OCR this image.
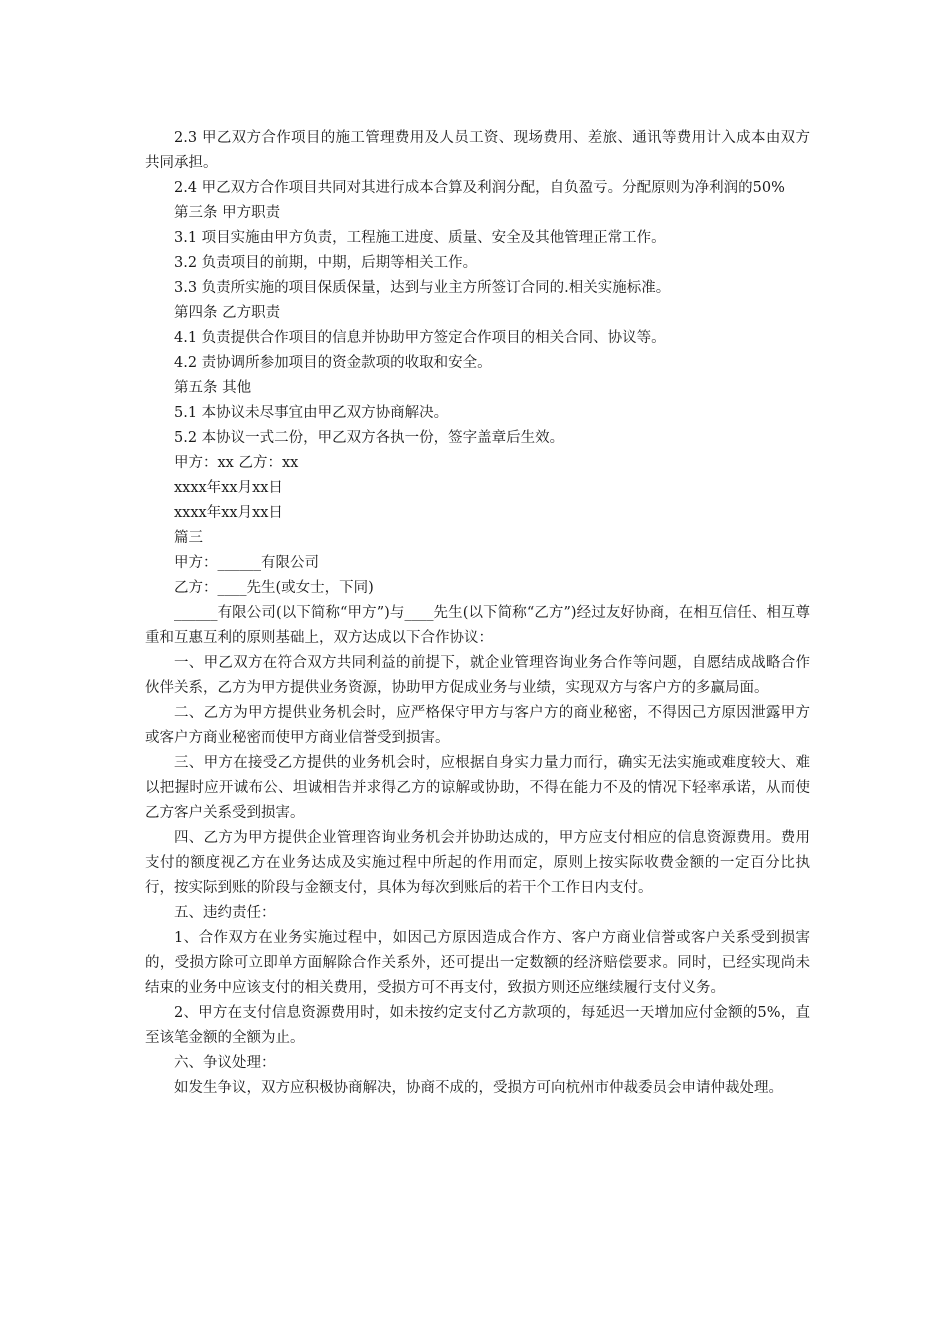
2.3 甲乙双方合作项目的施工管理费用及人员工资、现场费用、差旅、通讯等费用计入成本由双方共同承担。

2.4 甲乙双方合作项目共同对其进行成本合算及利润分配，自负盈亏。分配原则为净利润的50%

第三条 甲方职责

3.1 项目实施由甲方负责，工程施工进度、质量、安全及其他管理正常工作。

3.2 负责项目的前期，中期，后期等相关工作。

3.3 负责所实施的项目保质保量，达到与业主方所签订合同的.相关实施标准。

第四条 乙方职责

4.1 负责提供合作项目的信息并协助甲方签定合作项目的相关合同、协议等。

4.2 责协调所参加项目的资金款项的收取和安全。

第五条 其他

5.1 本协议未尽事宜由甲乙双方协商解决。

5.2 本协议一式二份，甲乙双方各执一份，签字盖章后生效。

甲方：xx 乙方：xx

xxxx年xx月xx日

xxxx年xx月xx日

篇三

甲方：______有限公司

乙方：____先生(或女士，下同)

______有限公司(以下简称“甲方”)与____先生(以下简称“乙方”)经过友好协商，在相互信任、相互尊重和互惠互利的原则基础上，双方达成以下合作协议：

一、甲乙双方在符合双方共同利益的前提下，就企业管理咨询业务合作等问题，自愿结成战略合作伙伴关系，乙方为甲方提供业务资源，协助甲方促成业务与业绩，实现双方与客户方的多赢局面。

二、乙方为甲方提供业务机会时，应严格保守甲方与客户方的商业秘密，不得因己方原因泄露甲方或客户方商业秘密而使甲方商业信誉受到损害。

三、甲方在接受乙方提供的业务机会时，应根据自身实力量力而行，确实无法实施或难度较大、难以把握时应开诚布公、坦诚相告并求得乙方的谅解或协助，不得在能力不及的情况下轻率承诺，从而使乙方客户关系受到损害。

四、乙方为甲方提供企业管理咨询业务机会并协助达成的，甲方应支付相应的信息资源费用。费用支付的额度视乙方在业务达成及实施过程中所起的作用而定，原则上按实际收费金额的一定百分比执行，按实际到账的阶段与金额支付，具体为每次到账后的若干个工作日内支付。

五、违约责任：

1、合作双方在业务实施过程中，如因己方原因造成合作方、客户方商业信誉或客户关系受到损害的，受损方除可立即单方面解除合作关系外，还可提出一定数额的经济赔偿要求。同时，已经实现尚未结束的业务中应该支付的相关费用，受损方可不再支付，致损方则还应继续履行支付义务。

2、甲方在支付信息资源费用时，如未按约定支付乙方款项的，每延迟一天增加应付金额的5%，直至该笔金额的全额为止。

六、争议处理：

如发生争议，双方应积极协商解决，协商不成的，受损方可向杭州市仲裁委员会申请仲裁处理。
